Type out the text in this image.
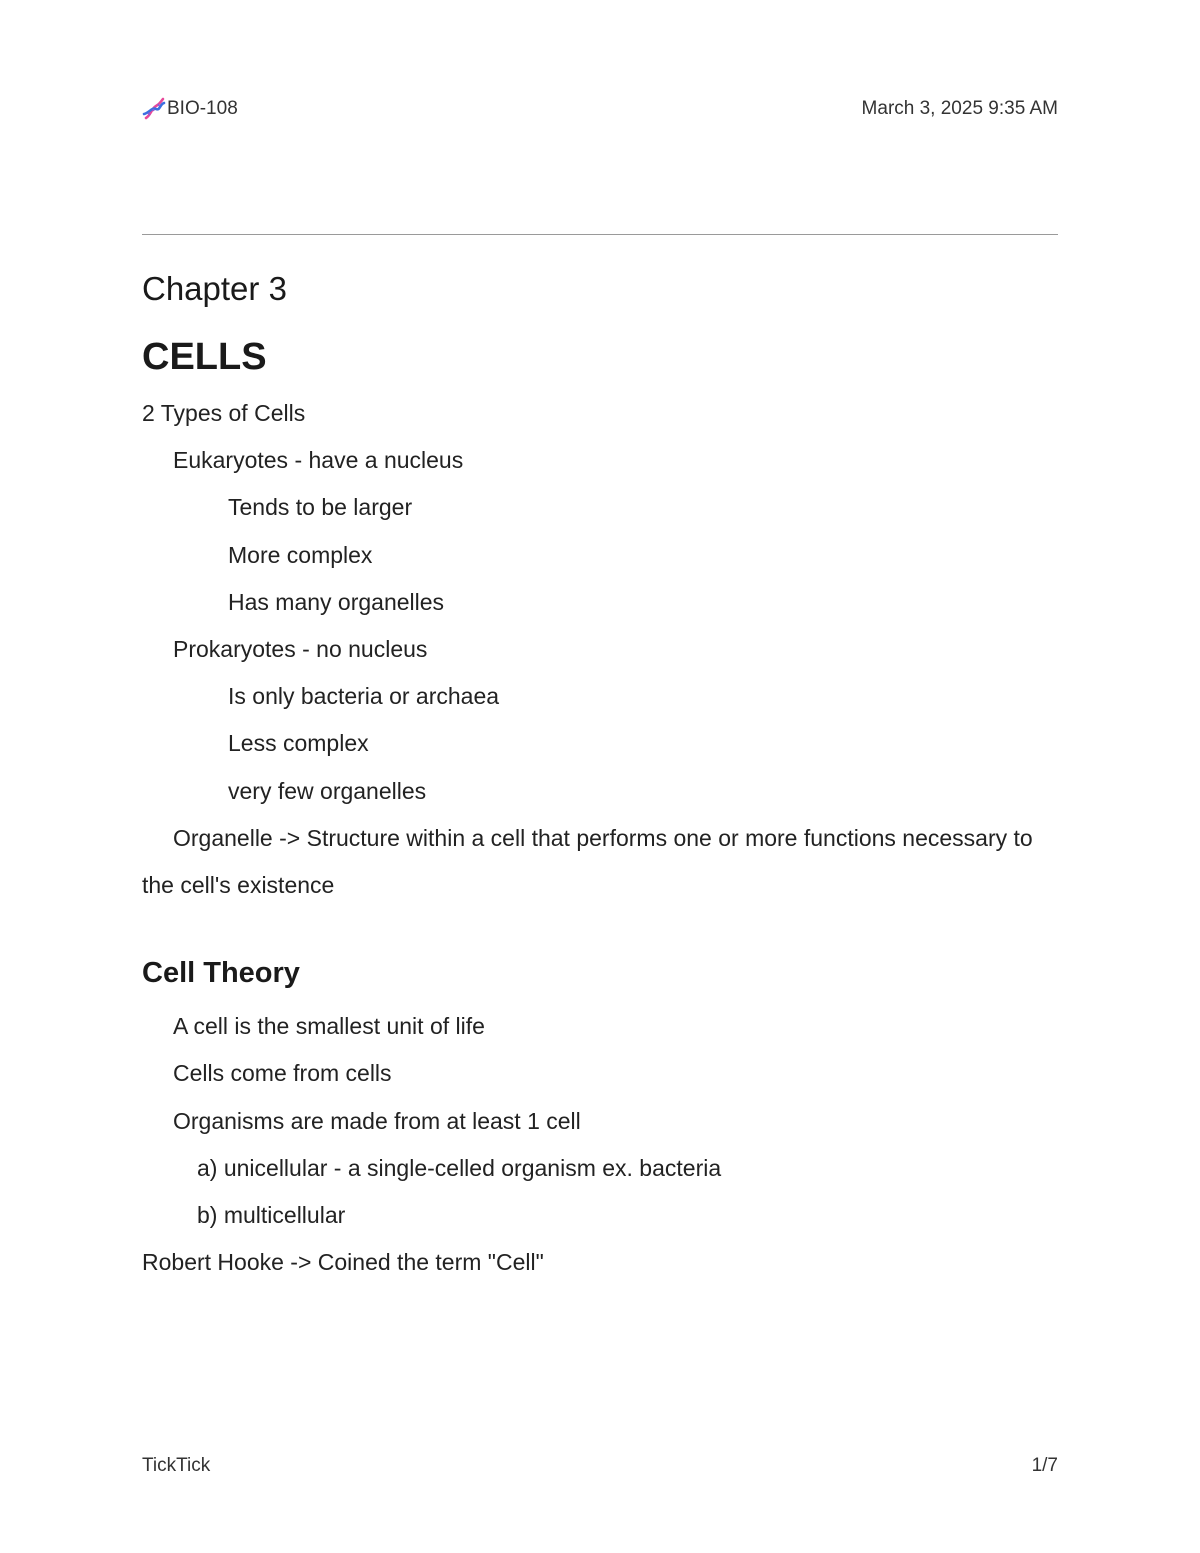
BIO-108	March 3, 2025 9:35 AM
Chapter 3
CELLS
2 Types of Cells
Eukaryotes - have a nucleus
Tends to be larger
More complex
Has many organelles
Prokaryotes - no nucleus
Is only bacteria or archaea
Less complex
very few organelles
Organelle -> Structure within a cell that performs one or more functions necessary to the cell's existence
Cell Theory
A cell is the smallest unit of life
Cells come from cells
Organisms are made from at least 1 cell
a) unicellular - a single-celled organism ex. bacteria
b) multicellular
Robert Hooke -> Coined the term "Cell"
TickTick	1/7
